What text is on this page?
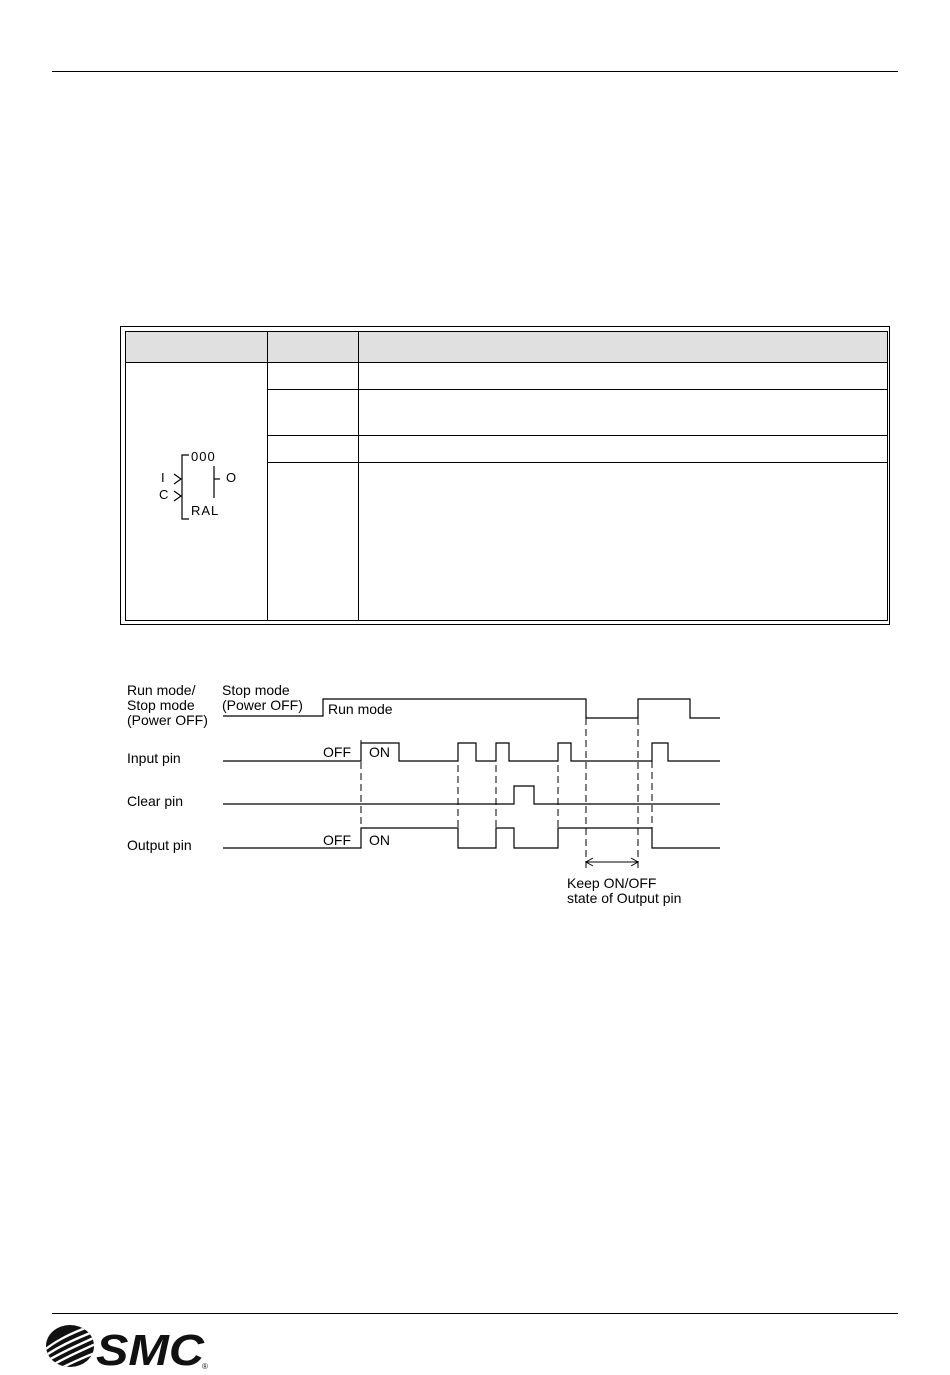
000
I
C
O
RAL		

Run mode/
Stop mode
(Power OFF)
Stop mode
(Power OFF) Run mode
Input pin
Clear pin
Output pin
OFF ON
OFF ON
Keep ON/OFF
state of Output pin
SMC
®
